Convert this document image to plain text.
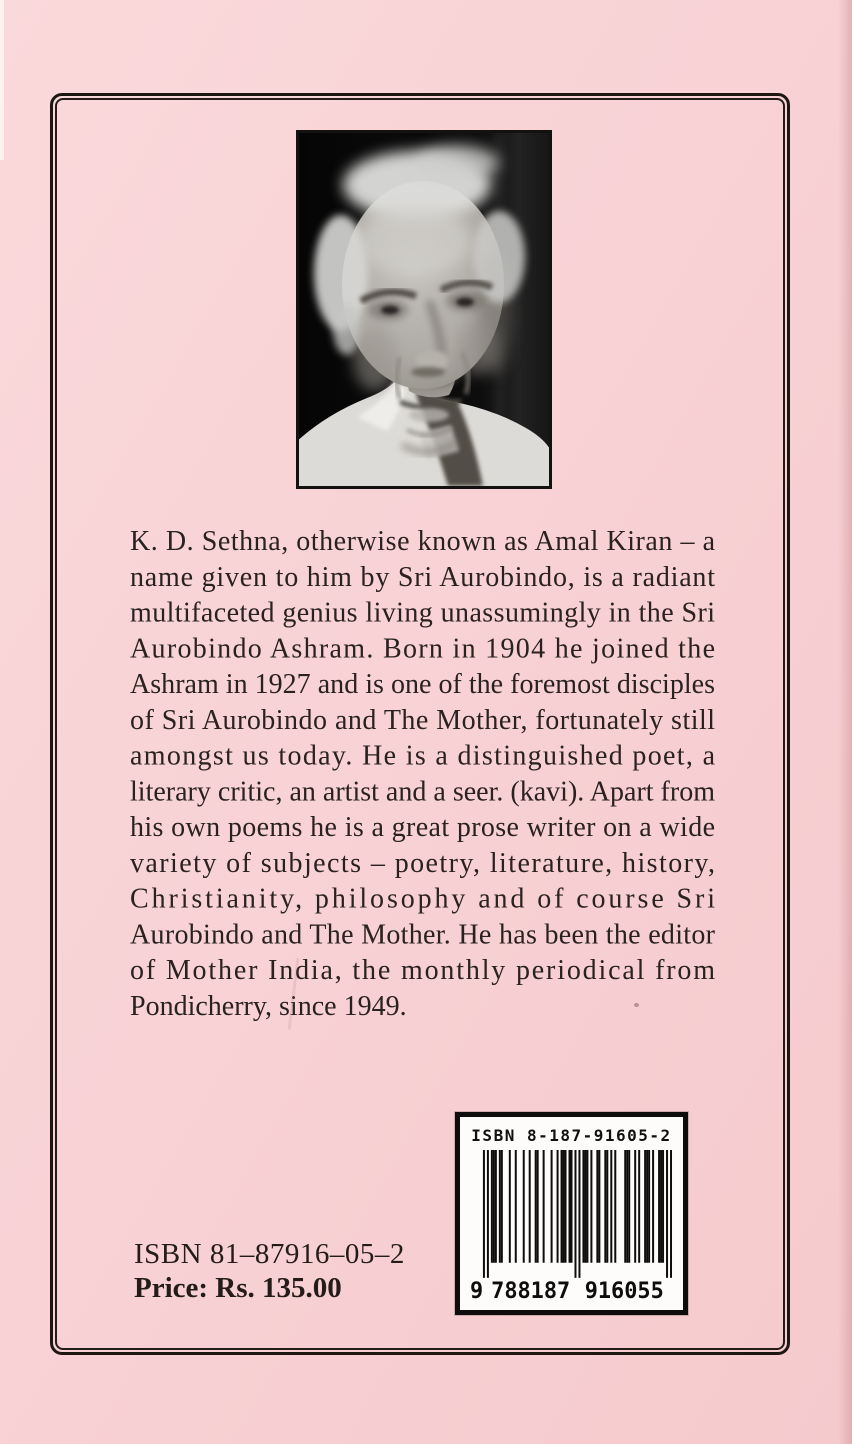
K. D. Sethna, otherwise known as Amal Kiran – a
name given to him by Sri Aurobindo, is a radiant
multifaceted genius living unassumingly in the Sri
Aurobindo Ashram. Born in 1904 he joined the
Ashram in 1927 and is one of the foremost disciples
of Sri Aurobindo and The Mother, fortunately still
amongst us today. He is a distinguished poet, a
literary critic, an artist and a seer. (kavi). Apart from
his own poems he is a great prose writer on a wide
variety of subjects – poetry, literature, history,
Christianity, philosophy and of course Sri
Aurobindo and The Mother. He has been the editor
of Mother India, the monthly periodical from
Pondicherry, since 1949.
ISBN 8-187-91605-2
9 788187 916055
ISBN 81–87916–05–2
Price: Rs. 135.00
